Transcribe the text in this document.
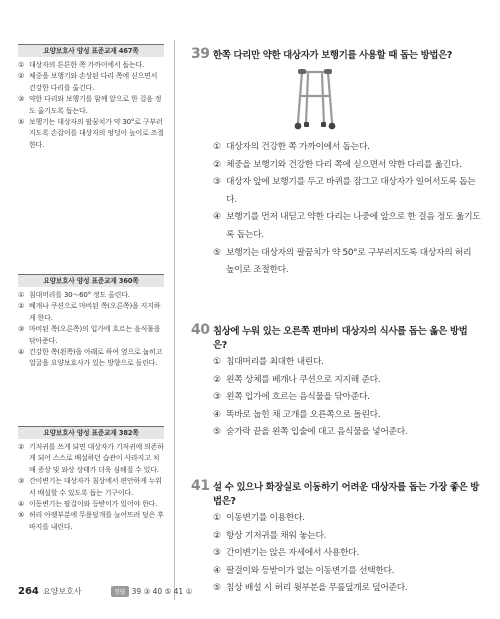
요양보호사 양성 표준교재 467쪽
① 대상자의 튼튼한 쪽 가까이에서 돕는다.
② 체중을 보행기와 손상된 다리 쪽에 싣으면서 건강한 다리를 옮긴다.
③ 약한 다리와 보행기를 함께 앞으로 한 걸음 정도 옮기도록 돕는다.
⑤ 보행기는 대상자의 팔꿈치가 약 30°로 구부러지도록 손잡이를 대상자의 엉덩이 높이로 조절한다.
요양보호사 양성 표준교재 360쪽
① 침대머리를 30～60° 정도 올린다.
② 베개나 쿠션으로 마비된 쪽(오른쪽)을 지지하게 한다.
③ 마비된 쪽(오른쪽)의 입가에 흐르는 음식물을 닦아준다.
④ 건강한 쪽(왼쪽)을 아래로 하여 옆으로 눕히고 얼굴을 요양보호사가 있는 방향으로 돌린다.
요양보호사 양성 표준교재 382쪽
② 기저귀를 쓰게 되면 대상자가 기저귀에 의존하게 되어 스스로 배설하던 습관이 사라지고 치매 증상 및 와상 상태가 더욱 심해질 수 있다.
③ 간이변기는 대상자가 침상에서 편안하게 누워서 배설할 수 있도록 돕는 기구이다.
④ 이동변기는 팔걸이와 등받이가 있어야 한다.
⑤ 허리 아랫부분에 무릎덮개를 늘어뜨려 덮은 후 바지를 내린다.
39 한쪽 다리만 약한 대상자가 보행기를 사용할 때 돕는 방법은?
① 대상자의 건강한 쪽 가까이에서 돕는다.
② 체중을 보행기와 건강한 다리 쪽에 싣으면서 약한 다리를 옮긴다.
③ 대상자 앞에 보행기를 두고 바퀴를 잠그고 대상자가 일어서도록 돕는다.
④ 보행기를 먼저 내딛고 약한 다리는 나중에 앞으로 한 걸음 정도 옮기도록 돕는다.
⑤ 보행기는 대상자의 팔꿈치가 약 50°로 구부러지도록 대상자의 허리 높이로 조절한다.
40 침상에 누워 있는 오른쪽 편마비 대상자의 식사를 돕는 옳은 방법은?
① 침대머리를 최대한 내린다.
② 왼쪽 상체를 베개나 쿠션으로 지지해 준다.
③ 왼쪽 입가에 흐르는 음식물을 닦아준다.
④ 똑바로 눕힌 채 고개를 오른쪽으로 돌린다.
⑤ 숟가락 끝을 왼쪽 입술에 대고 음식물을 넣어준다.
41 설 수 있으나 화장실로 이동하기 어려운 대상자를 돕는 가장 좋은 방법은?
① 이동변기를 이용한다.
② 항상 기저귀를 채워 놓는다.
③ 간이변기는 앉은 자세에서 사용한다.
④ 팔걸이와 등받이가 없는 이동변기를 선택한다.
⑤ 침상 배설 시 허리 윗부분을 무릎덮개로 덮어준다.
264 요양보호사	정답 39 ③ 40 ⑤ 41 ①
